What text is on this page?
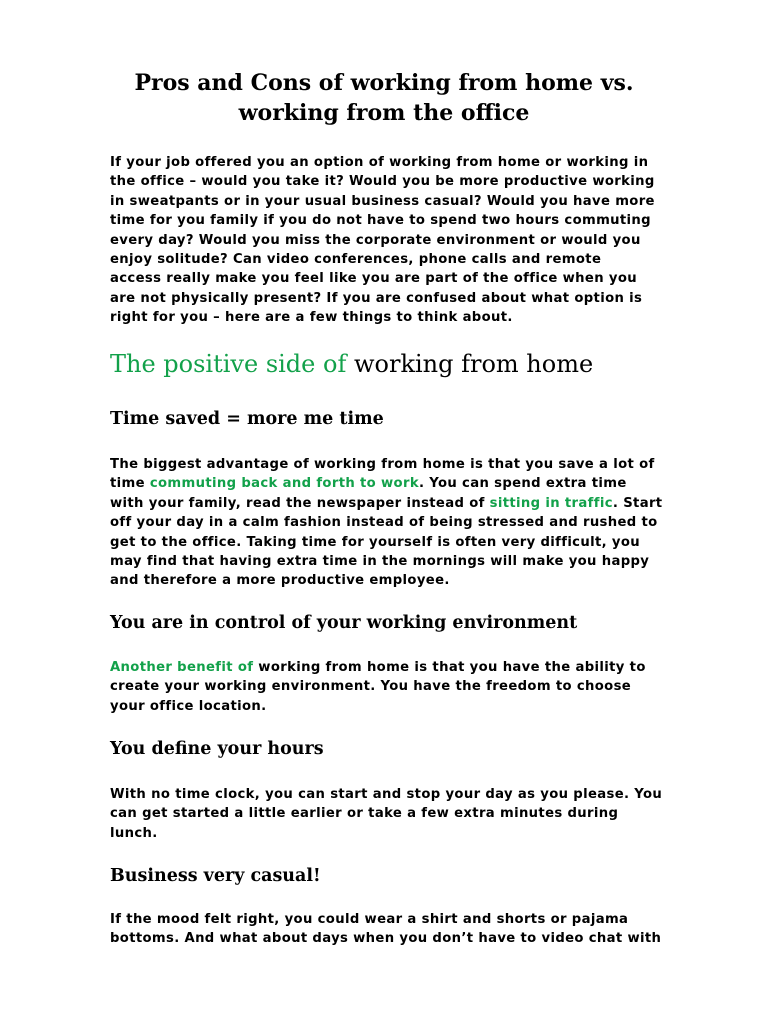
Pros and Cons of working from home vs.
working from the office

If your job offered you an option of working from home or working in
the office – would you take it? Would you be more productive working
in sweatpants or in your usual business casual? Would you have more
time for you family if you do not have to spend two hours commuting
every day? Would you miss the corporate environment or would you
enjoy solitude? Can video conferences, phone calls and remote
access really make you feel like you are part of the office when you
are not physically present? If you are confused about what option is
right for you – here are a few things to think about.

The positive side of working from home
Time saved = more me time

The biggest advantage of working from home is that you save a lot of
time commuting back and forth to work. You can spend extra time
with your family, read the newspaper instead of sitting in traffic. Start
off your day in a calm fashion instead of being stressed and rushed to
get to the office. Taking time for yourself is often very difficult, you
may find that having extra time in the mornings will make you happy
and therefore a more productive employee.

You are in control of your working environment

Another benefit of working from home is that you have the ability to
create your working environment. You have the freedom to choose
your office location.

You define your hours

With no time clock, you can start and stop your day as you please. You
can get started a little earlier or take a few extra minutes during
lunch.

Business very casual!

If the mood felt right, you could wear a shirt and shorts or pajama
bottoms. And what about days when you don’t have to video chat with
